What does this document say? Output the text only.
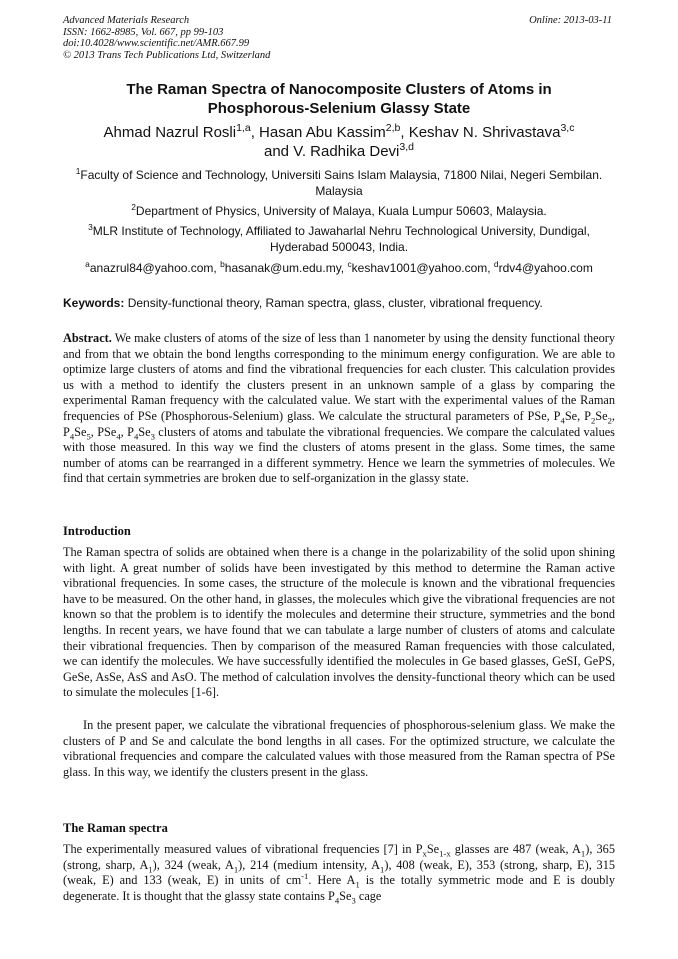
Advanced Materials Research
ISSN: 1662-8985, Vol. 667, pp 99-103
doi:10.4028/www.scientific.net/AMR.667.99
© 2013 Trans Tech Publications Ltd, Switzerland
Online: 2013-03-11
The Raman Spectra of Nanocomposite Clusters of Atoms in
Phosphorous-Selenium Glassy State
Ahmad Nazrul Rosli$^{1,a}$, Hasan Abu Kassim$^{2,b}$, Keshav N. Shrivastava$^{3,c}$
and V. Radhika Devi$^{3,d}$
$^1$Faculty of Science and Technology, Universiti Sains Islam Malaysia, 71800 Nilai, Negeri Sembilan. Malaysia
$^2$Department of Physics, University of Malaya, Kuala Lumpur 50603, Malaysia.
$^3$MLR Institute of Technology, Affiliated to Jawaharlal Nehru Technological University, Dundigal, Hyderabad 500043, India.
$^a$anazrul84@yahoo.com, $^b$hasanak@um.edu.my, $^c$keshav1001@yahoo.com, $^d$rdv4@yahoo.com
Keywords: Density-functional theory, Raman spectra, glass, cluster, vibrational frequency.
Abstract. We make clusters of atoms of the size of less than 1 nanometer by using the density functional theory and from that we obtain the bond lengths corresponding to the minimum energy configuration. We are able to optimize large clusters of atoms and find the vibrational frequencies for each cluster. This calculation provides us with a method to identify the clusters present in an unknown sample of a glass by comparing the experimental Raman frequency with the calculated value. We start with the experimental values of the Raman frequencies of PSe (Phosphorous-Selenium) glass. We calculate the structural parameters of PSe, $P_4Se$, $P_2Se_2$, $P_4Se_5$, PSe$_4$, $P_4Se_3$ clusters of atoms and tabulate the vibrational frequencies. We compare the calculated values with those measured. In this way we find the clusters of atoms present in the glass. Some times, the same number of atoms can be rearranged in a different symmetry. Hence we learn the symmetries of molecules. We find that certain symmetries are broken due to self-organization in the glassy state.
Introduction
The Raman spectra of solids are obtained when there is a change in the polarizability of the solid upon shining with light. A great number of solids have been investigated by this method to determine the Raman active vibrational frequencies. In some cases, the structure of the molecule is known and the vibrational frequencies have to be measured. On the other hand, in glasses, the molecules which give the vibrational frequencies are not known so that the problem is to identify the molecules and determine their structure, symmetries and the bond lengths. In recent years, we have found that we can tabulate a large number of clusters of atoms and calculate their vibrational frequencies. Then by comparison of the measured Raman frequencies with those calculated, we can identify the molecules. We have successfully identified the molecules in Ge based glasses, GeSI, GePS, GeSe, AsSe, AsS and AsO. The method of calculation involves the density-functional theory which can be used to simulate the molecules [1-6].
In the present paper, we calculate the vibrational frequencies of phosphorous-selenium glass. We make the clusters of P and Se and calculate the bond lengths in all cases. For the optimized structure, we calculate the vibrational frequencies and compare the calculated values with those measured from the Raman spectra of PSe glass. In this way, we identify the clusters present in the glass.
The Raman spectra
The experimentally measured values of vibrational frequencies [7] in $P_xSe_{1-x}$ glasses are 487 (weak, $A_1$), 365 (strong, sharp, $A_1$), 324 (weak, $A_1$), 214 (medium intensity, $A_1$), 408 (weak, E), 353 (strong, sharp, E), 315 (weak, E) and 133 (weak, E) in units of $cm^{-1}$. Here $A_1$ is the totally symmetric mode and E is doubly degenerate. It is thought that the glassy state contains $P_4Se_3$ cage
